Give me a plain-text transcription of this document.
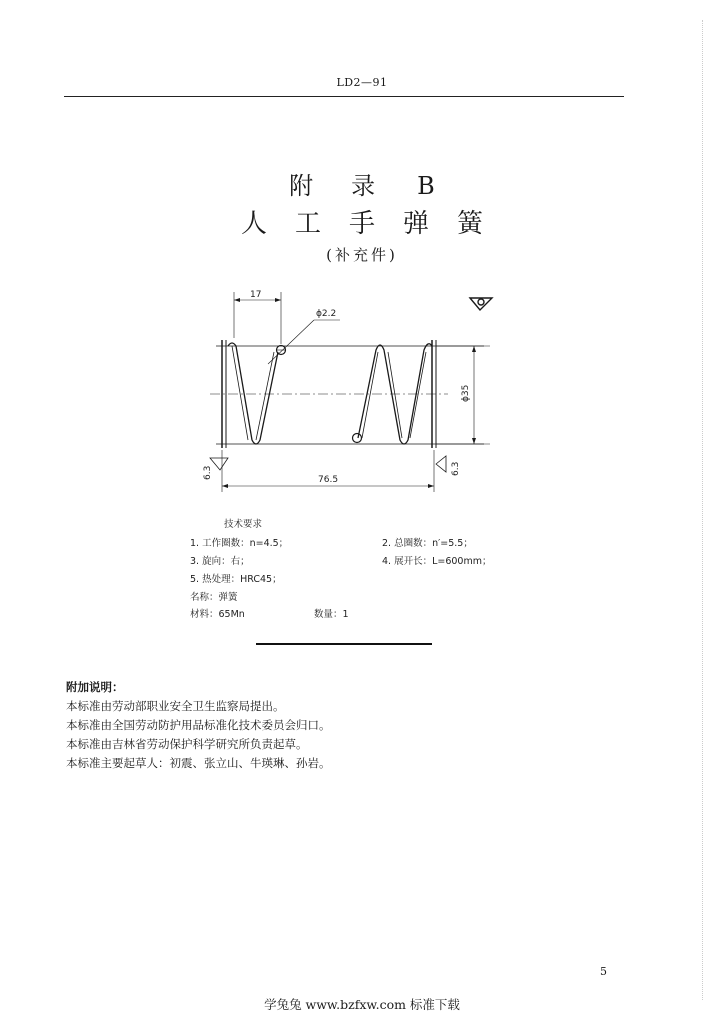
LD2—91
附 录 B
人 工 手 弹 簧
(补充件)
17
ϕ2.2
ϕ35
76.5
6.3	6.3
技术要求
1. 工作圈数：n=4.5；	2. 总圈数：n′=5.5；
3. 旋向：右；	4. 展开长：L=600mm；
5. 热处理：HRC45；
名称：弹簧
材料：65Mn	数量：1
附加说明：
本标准由劳动部职业安全卫生监察局提出。
本标准由全国劳动防护用品标准化技术委员会归口。
本标准由吉林省劳动保护科学研究所负责起草。
本标准主要起草人：初震、张立山、牛瑛琳、孙岩。
5
学兔兔 www.bzfxw.com 标准下载
